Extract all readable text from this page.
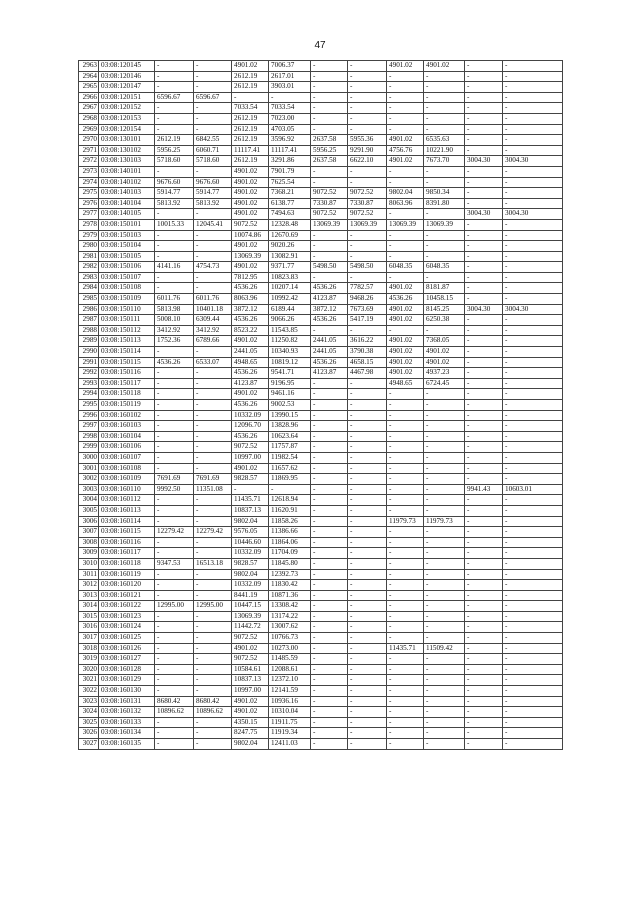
47
2963	03:08:120145	-	-	4901.02	7006.37	-	-	4901.02	4901.02	-	-
2964	03:08:120146	-	-	2612.19	2617.01	-	-	-	-	-	-
2965	03:08:120147	-	-	2612.19	3903.01	-	-	-	-	-	-
2966	03:08:120151	6596.67	6596.67	-	-	-	-	-	-	-	-
2967	03:08:120152	-	-	7033.54	7033.54	-	-	-	-	-	-
2968	03:08:120153	-	-	2612.19	7023.00	-	-	-	-	-	-
2969	03:08:120154	-	-	2612.19	4703.05	-	-	-	-	-	-
2970	03:08:130101	2612.19	6842.55	2612.19	3596.92	2637.58	5955.36	4901.02	6535.63	-	-
2971	03:08:130102	5956.25	6060.71	11117.41	11117.41	5956.25	9291.90	4756.76	10221.90	-	-
2972	03:08:130103	5718.60	5718.60	2612.19	3291.86	2637.58	6622.10	4901.02	7673.70	3004.30	3004.30
2973	03:08:140101	-	-	4901.02	7901.79	-	-	-	-	-	-
2974	03:08:140102	9676.60	9676.60	4901.02	7625.54	-	-	-	-	-	-
2975	03:08:140103	5914.77	5914.77	4901.02	7368.21	9072.52	9072.52	9802.04	9850.34	-	-
2976	03:08:140104	5813.92	5813.92	4901.02	6138.77	7330.87	7330.87	8063.96	8391.80	-	-
2977	03:08:140105	-	-	4901.02	7494.63	9072.52	9072.52	-	-	3004.30	3004.30
2978	03:08:150101	10015.33	12045.41	9072.52	12328.48	13069.39	13069.39	13069.39	13069.39	-	-
2979	03:08:150103	-	-	10074.86	12670.69	-	-	-	-	-	-
2980	03:08:150104	-	-	4901.02	9020.26	-	-	-	-	-	-
2981	03:08:150105	-	-	13069.39	13082.91	-	-	-	-	-	-
2982	03:08:150106	4141.16	4754.73	4901.02	9371.77	5498.50	5498.50	6048.35	6048.35	-	-
2983	03:08:150107	-	-	7812.95	10823.83	-	-	-	-	-	-
2984	03:08:150108	-	-	4536.26	10207.14	4536.26	7782.57	4901.02	8181.87	-	-
2985	03:08:150109	6011.76	6011.76	8063.96	10992.42	4123.87	9468.26	4536.26	10458.15	-	-
2986	03:08:150110	5813.98	10401.18	3872.12	6189.44	3872.12	7673.69	4901.02	8145.25	3004.30	3004.30
2987	03:08:150111	5008.10	6309.44	4536.26	9066.26	4536.26	5417.19	4901.02	6250.38	-	-
2988	03:08:150112	3412.92	3412.92	8523.22	11543.85	-	-	-	-	-	-
2989	03:08:150113	1752.36	6789.66	4901.02	11250.82	2441.05	3616.22	4901.02	7368.05	-	-
2990	03:08:150114	-	-	2441.05	10340.93	2441.05	3790.38	4901.02	4901.02	-	-
2991	03:08:150115	4536.26	6533.07	4948.65	10819.12	4536.26	4658.15	4901.02	4901.02	-	-
2992	03:08:150116	-	-	4536.26	9541.71	4123.87	4467.98	4901.02	4937.23	-	-
2993	03:08:150117	-	-	4123.87	9196.95	-	-	4948.65	6724.45	-	-
2994	03:08:150118	-	-	4901.02	9461.16	-	-	-	-	-	-
2995	03:08:150119	-	-	4536.26	9002.53	-	-	-	-	-	-
2996	03:08:160102	-	-	10332.09	13990.15	-	-	-	-	-	-
2997	03:08:160103	-	-	12096.70	13828.96	-	-	-	-	-	-
2998	03:08:160104	-	-	4536.26	10623.64	-	-	-	-	-	-
2999	03:08:160106	-	-	9072.52	11757.87	-	-	-	-	-	-
3000	03:08:160107	-	-	10997.00	11982.54	-	-	-	-	-	-
3001	03:08:160108	-	-	4901.02	11657.62	-	-	-	-	-	-
3002	03:08:160109	7691.69	7691.69	9828.57	11869.95	-	-	-	-	-	-
3003	03:08:160110	9992.50	11351.08	-	-	-	-	-	-	9941.43	10603.01
3004	03:08:160112	-	-	11435.71	12618.94	-	-	-	-	-	-
3005	03:08:160113	-	-	10837.13	11620.91	-	-	-	-	-	-
3006	03:08:160114	-	-	9802.04	11858.26	-	-	11979.73	11979.73	-	-
3007	03:08:160115	12279.42	12279.42	9576.05	11386.66	-	-	-	-	-	-
3008	03:08:160116	-	-	10446.60	11864.06	-	-	-	-	-	-
3009	03:08:160117	-	-	10332.09	11704.09	-	-	-	-	-	-
3010	03:08:160118	9347.53	16513.18	9828.57	11845.80	-	-	-	-	-	-
3011	03:08:160119	-	-	9802.04	12392.73	-	-	-	-	-	-
3012	03:08:160120	-	-	10332.09	11830.42	-	-	-	-	-	-
3013	03:08:160121	-	-	8441.19	10871.36	-	-	-	-	-	-
3014	03:08:160122	12995.00	12995.00	10447.15	13308.42	-	-	-	-	-	-
3015	03:08:160123	-	-	13069.39	13174.22	-	-	-	-	-	-
3016	03:08:160124	-	-	11442.72	13007.62	-	-	-	-	-	-
3017	03:08:160125	-	-	9072.52	10766.73	-	-	-	-	-	-
3018	03:08:160126	-	-	4901.02	10273.00	-	-	11435.71	11509.42	-	-
3019	03:08:160127	-	-	9072.52	11485.59	-	-	-	-	-	-
3020	03:08:160128	-	-	10584.61	12088.61	-	-	-	-	-	-
3021	03:08:160129	-	-	10837.13	12372.10	-	-	-	-	-	-
3022	03:08:160130	-	-	10997.00	12141.59	-	-	-	-	-	-
3023	03:08:160131	8680.42	8680.42	4901.02	10936.16	-	-	-	-	-	-
3024	03:08:160132	10896.62	10896.62	4901.02	10310.04	-	-	-	-	-	-
3025	03:08:160133	-	-	4350.15	11911.75	-	-	-	-	-	-
3026	03:08:160134	-	-	8247.75	11919.34	-	-	-	-	-	-
3027	03:08:160135	-	-	9802.04	12411.03	-	-	-	-	-	-
